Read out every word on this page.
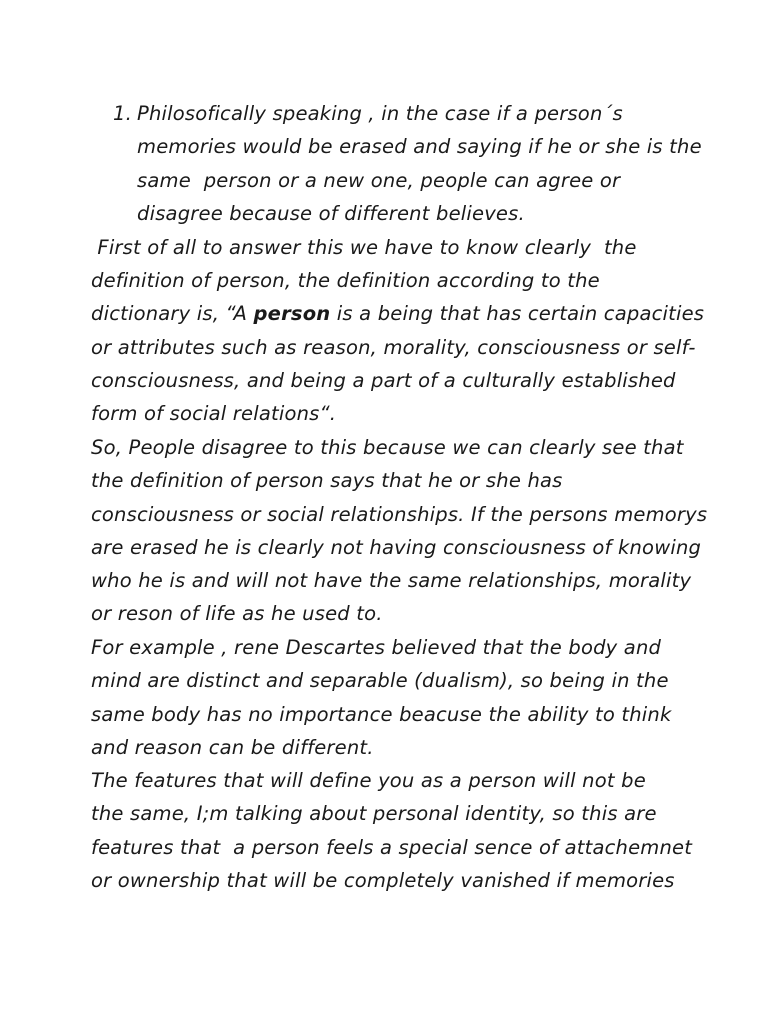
1. Philosofically speaking , in the case if a person´s
memories would be erased and saying if he or she is the
same  person or a new one, people can agree or
disagree because of different believes.
First of all to answer this we have to know clearly  the
definition of person, the definition according to the
dictionary is, “A person is a being that has certain capacities
or attributes such as reason, morality, consciousness or self-
consciousness, and being a part of a culturally established
form of social relations“.
So, People disagree to this because we can clearly see that
the definition of person says that he or she has
consciousness or social relationships. If the persons memorys
are erased he is clearly not having consciousness of knowing
who he is and will not have the same relationships, morality
or reson of life as he used to.
For example , rene Descartes believed that the body and
mind are distinct and separable (dualism), so being in the
same body has no importance beacuse the ability to think
and reason can be different.
The features that will define you as a person will not be
the same, I;m talking about personal identity, so this are
features that  a person feels a special sence of attachemnet
or ownership that will be completely vanished if memories
